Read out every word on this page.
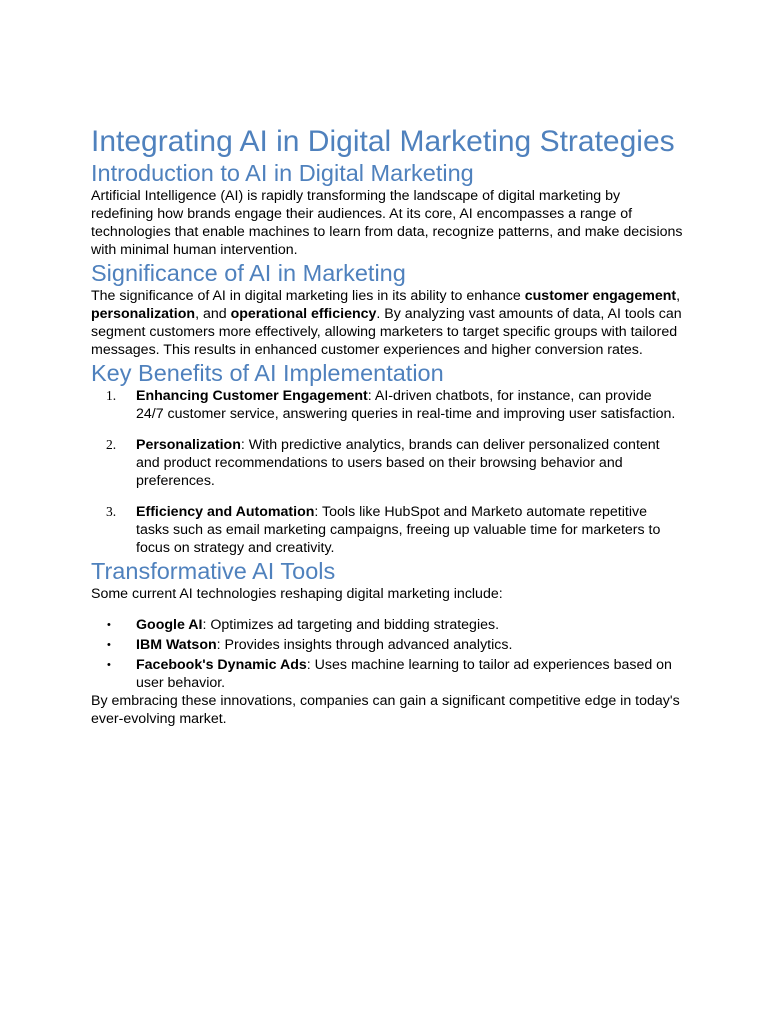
Integrating AI in Digital Marketing Strategies
Introduction to AI in Digital Marketing

Artificial Intelligence (AI) is rapidly transforming the landscape of digital marketing by redefining how brands engage their audiences. At its core, AI encompasses a range of technologies that enable machines to learn from data, recognize patterns, and make decisions with minimal human intervention.

Significance of AI in Marketing

The significance of AI in digital marketing lies in its ability to enhance customer engagement, personalization, and operational efficiency. By analyzing vast amounts of data, AI tools can segment customers more effectively, allowing marketers to target specific groups with tailored messages. This results in enhanced customer experiences and higher conversion rates.

Key Benefits of AI Implementation
1. Enhancing Customer Engagement: AI-driven chatbots, for instance, can provide 24/7 customer service, answering queries in real-time and improving user satisfaction.
2. Personalization: With predictive analytics, brands can deliver personalized content and product recommendations to users based on their browsing behavior and preferences.
3. Efficiency and Automation: Tools like HubSpot and Marketo automate repetitive tasks such as email marketing campaigns, freeing up valuable time for marketers to focus on strategy and creativity.
Transformative AI Tools

Some current AI technologies reshaping digital marketing include:

• Google AI: Optimizes ad targeting and bidding strategies.
• IBM Watson: Provides insights through advanced analytics.
• Facebook's Dynamic Ads: Uses machine learning to tailor ad experiences based on user behavior.

By embracing these innovations, companies can gain a significant competitive edge in today's ever-evolving market.
